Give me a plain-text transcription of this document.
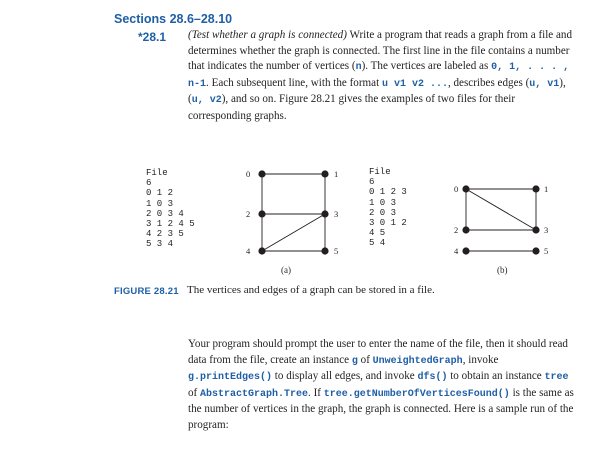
Sections 28.6–28.10
*28.1 (Test whether a graph is connected) Write a program that reads a graph from a file and determines whether the graph is connected. The first line in the file contains a number that indicates the number of vertices (n). The vertices are labeled as 0, 1, . . . , n-1. Each subsequent line, with the format u v1 v2 ..., describes edges (u, v1), (u, v2), and so on. Figure 28.21 gives the examples of two files for their corresponding graphs.
File
6
0 1 2
1 0 3
2 0 3 4
3 1 2 4 5
4 2 3 5
5 3 4
0	1
2	3
4	5
File
6
0 1 2 3
1 0 3
2 0 3
3 0 1 2
4 5
5 4
0	1
2	3
4	5
(a)	(b)
FIGURE 28.21 The vertices and edges of a graph can be stored in a file.
Your program should prompt the user to enter the name of the file, then it should read data from the file, create an instance g of UnweightedGraph, invoke g.printEdges() to display all edges, and invoke dfs() to obtain an instance tree of AbstractGraph.Tree. If tree.getNumberOfVerticesFound() is the same as the number of vertices in the graph, the graph is connected. Here is a sample run of the program:
